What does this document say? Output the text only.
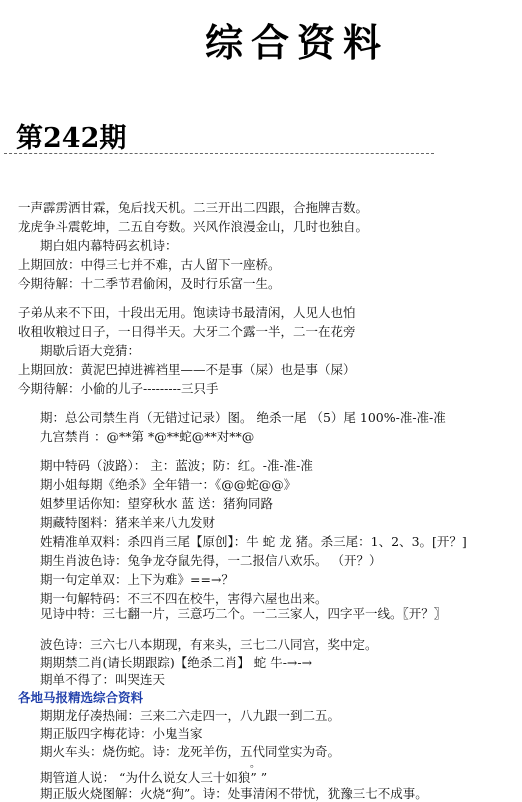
综合资料
第242期
一声霹雳洒甘霖，兔后找天机。二三开出二四跟，合拖牌吉数。
龙虎争斗震乾坤，二五自夸数。兴风作浪漫金山，几时也独自。
期白姐内幕特码玄机诗：
上期回放：中得三七并不难，古人留下一座桥。
今期待解：十二季节君偷闲，及时行乐富一生。
子弟从来不下田，十段出无用。饱读诗书最清闲，人见人也怕
收租收粮过日子，一日得半天。大牙二个露一半，二一在花旁
期歇后语大竞猜：
上期回放：黄泥巴掉进裤裆里——不是事（屎）也是事（屎）
今期待解：小偷的儿子---------三只手
期：总公司禁生肖（无错过记录）图。 绝杀一尾 （5）尾 100%-准-准-准
九宫禁肖 ：@**第 *@**蛇@**对**@
期中特码（波路）： 主：蓝波；防：红。-准-准-准
期小姐每期《绝杀》全年错一：《@@蛇@@》
姐梦里话你知：望穿秋水 蓝 送：猪狗同路
期藏特图料：猪来羊来八九发财
姓精准单双料：杀四肖三尾【原创】：牛 蛇 龙 猪。杀三尾：1、2、3。[开？]
期生肖波色诗：兔争龙夺鼠先得，一二报信八欢乐。 （开？）
期一句定单双：上下为难》==→？
期一句解特码：不三不四在校牛，害得六屋也出来。
见诗中特：三七翻一片，三意巧二个。一二三家人，四字平一线。〖开？〗
波色诗：三六七八本期现，有来头，三七二八同宫，奖中定。
期期禁二肖(请长期跟踪)【绝杀二肖】 蛇 牛-→-→
期单不得了：叫哭连天
各地马报精选综合资料
期期龙仔凑热闹：三来二六走四一，八九跟一到二五。
期正版四字梅花诗：小鬼当家
期火车头：烧伤蛇。诗：龙死羊伤，五代同堂实为奇。
。
期正版火烧图解：火烧“狗”。诗：处事清闲不带忧，犹豫三七不成事。
期管道人说： “为什么说女人三十如狼” ”
